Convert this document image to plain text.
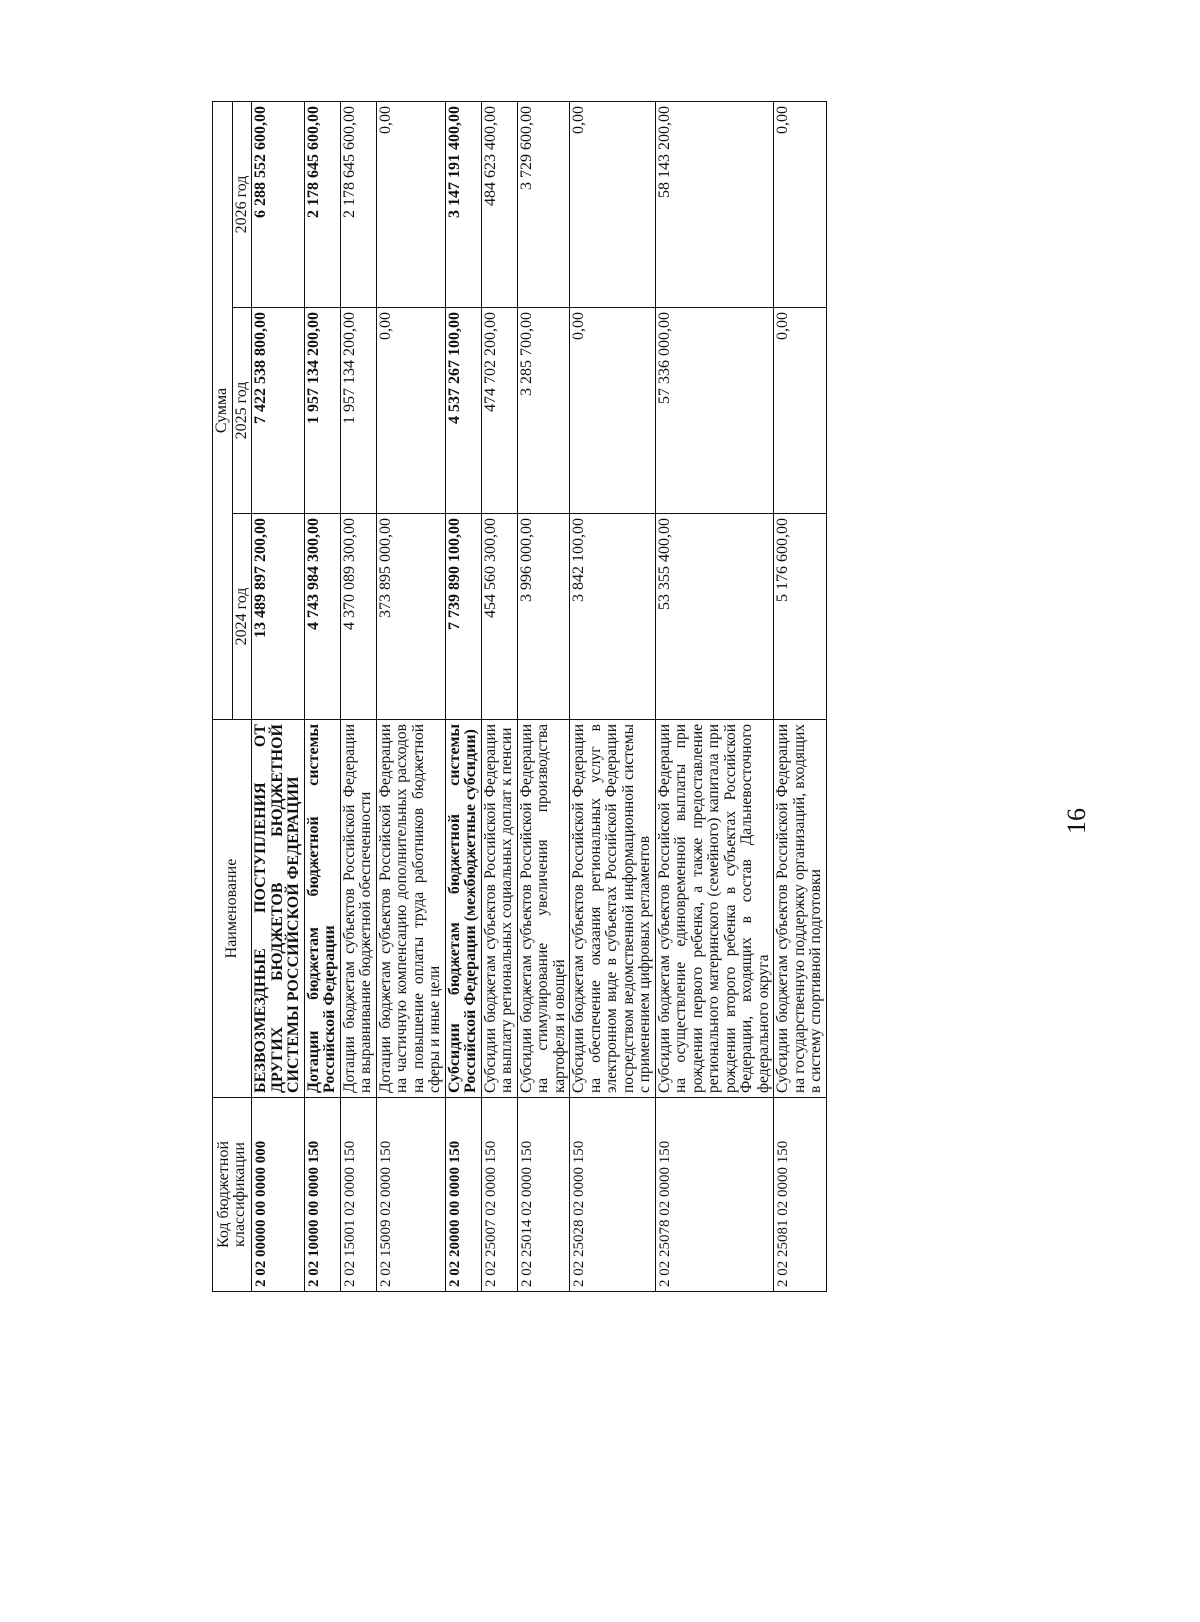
16
Код бюджетной классификации	Наименование	Сумма		
		2024 год	2025 год	2026 год
2 02 00000 00 0000 000	БЕЗВОЗМЕЗДНЫЕ ПОСТУПЛЕНИЯ ОТ ДРУГИХ БЮДЖЕТОВ БЮДЖЕТНОЙ СИСТЕМЫ РОССИЙСКОЙ ФЕДЕРАЦИИ	13 489 897 200,00	7 422 538 800,00	6 288 552 600,00
2 02 10000 00 0000 150	Дотации бюджетам бюджетной системы Российской Федерации	4 743 984 300,00	1 957 134 200,00	2 178 645 600,00
2 02 15001 02 0000 150	Дотации бюджетам субъектов Российской Федерации на выравнивание бюджетной обеспеченности	4 370 089 300,00	1 957 134 200,00	2 178 645 600,00
2 02 15009 02 0000 150	Дотации бюджетам субъектов Российской Федерации на частичную компенсацию дополнительных расходов на повышение оплаты труда работников бюджетной сферы и иные цели	373 895 000,00	0,00	0,00
2 02 20000 00 0000 150	Субсидии бюджетам бюджетной системы Российской Федерации (межбюджетные субсидии)	7 739 890 100,00	4 537 267 100,00	3 147 191 400,00
2 02 25007 02 0000 150	Субсидии бюджетам субъектов Российской Федерации на выплату региональных социальных доплат к пенсии	454 560 300,00	474 702 200,00	484 623 400,00
2 02 25014 02 0000 150	Субсидии бюджетам субъектов Российской Федерации на стимулирование увеличения производства картофеля и овощей	3 996 000,00	3 285 700,00	3 729 600,00
2 02 25028 02 0000 150	Субсидии бюджетам субъектов Российской Федерации на обеспечение оказания региональных услуг в электронном виде в субъектах Российской Федерации посредством ведомственной информационной системы с применением цифровых регламентов	3 842 100,00	0,00	0,00
2 02 25078 02 0000 150	Субсидии бюджетам субъектов Российской Федерации на осуществление единовременной выплаты при рождении первого ребенка, а также предоставление регионального материнского (семейного) капитала при рождении второго ребенка в субъектах Российской Федерации, входящих в состав Дальневосточного федерального округа	53 355 400,00	57 336 000,00	58 143 200,00
2 02 25081 02 0000 150	Субсидии бюджетам субъектов Российской Федерации на государственную поддержку организаций, входящих в систему спортивной подготовки	5 176 600,00	0,00	0,00
